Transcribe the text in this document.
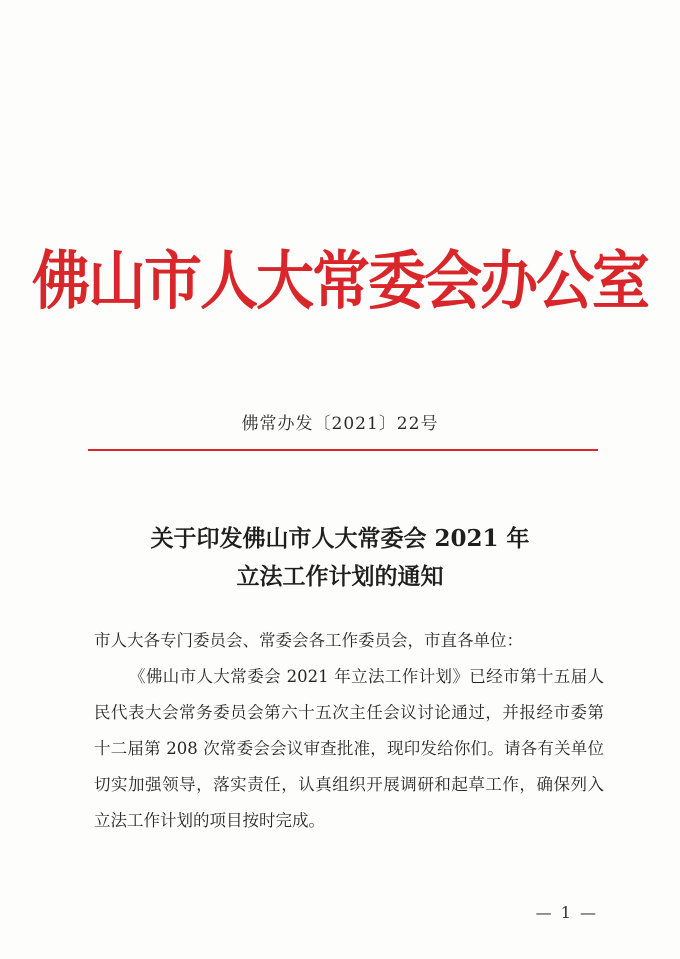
佛山市人大常委会办公室
佛常办发〔2021〕22号
关于印发佛山市人大常委会 2021 年
立法工作计划的通知
市人大各专门委员会、常委会各工作委员会，市直各单位：
《佛山市人大常委会 2021 年立法工作计划》已经市第十五届人民代表大会常务委员会第六十五次主任会议讨论通过，并报经市委第十二届第 208 次常委会会议审查批准，现印发给你们。请各有关单位切实加强领导，落实责任，认真组织开展调研和起草工作，确保列入立法工作计划的项目按时完成。
— 1 —
